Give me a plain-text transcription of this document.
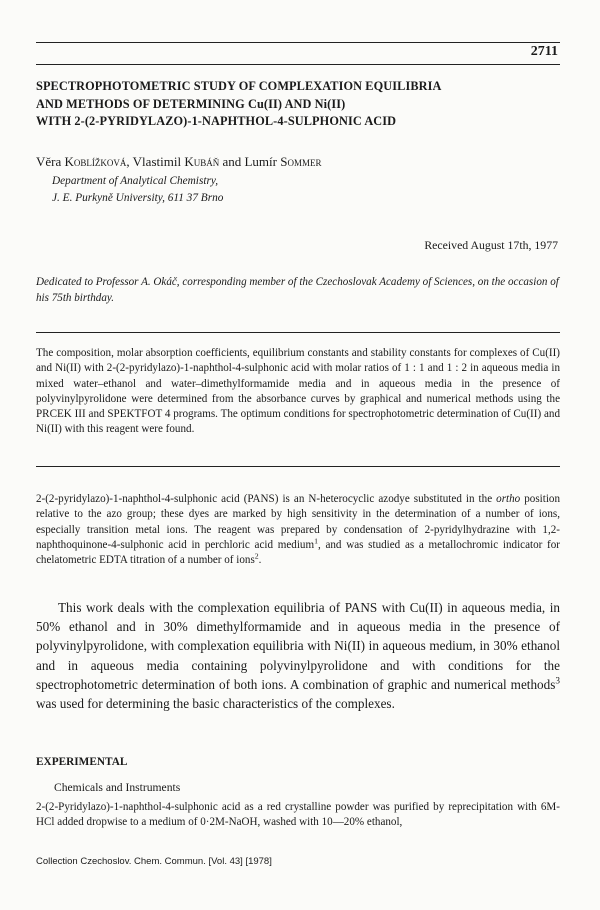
2711
SPECTROPHOTOMETRIC STUDY OF COMPLEXATION EQUILIBRIA
AND METHODS OF DETERMINING Cu(II) AND Ni(II)
WITH 2-(2-PYRIDYLAZO)-1-NAPHTHOL-4-SULPHONIC ACID
Věra Koblížková, Vlastimil Kubáň and Lumír Sommer
Department of Analytical Chemistry,
J. E. Purkyně University, 611 37 Brno
Received August 17th, 1977
Dedicated to Professor A. Okáč, corresponding member of the Czechoslovak Academy of Sciences, on the occasion of his 75th birthday.
The composition, molar absorption coefficients, equilibrium constants and stability constants for complexes of Cu(II) and Ni(II) with 2-(2-pyridylazo)-1-naphthol-4-sulphonic acid with molar ratios of 1 : 1 and 1 : 2 in aqueous media in mixed water–ethanol and water–dimethylformamide media and in aqueous media in the presence of polyvinylpyrolidone were determined from the absorbance curves by graphical and numerical methods using the PRCEK III and SPEKTFOT 4 programs. The optimum conditions for spectrophotometric determination of Cu(II) and Ni(II) with this reagent were found.
2-(2-pyridylazo)-1-naphthol-4-sulphonic acid (PANS) is an N-heterocyclic azodye substituted in the ortho position relative to the azo group; these dyes are marked by high sensitivity in the determination of a number of ions, especially transition metal ions. The reagent was prepared by condensation of 2-pyridylhydrazine with 1,2-naphthoquinone-4-sulphonic acid in perchloric acid medium$^1$, and was studied as a metallochromic indicator for chelatometric EDTA titration of a number of ions$^2$.
This work deals with the complexation equilibria of PANS with Cu(II) in aqueous media, in 50% ethanol and in 30% dimethylformamide and in aqueous media in the presence of polyvinylpyrolidone, with complexation equilibria with Ni(II) in aqueous medium, in 30% ethanol and in aqueous media containing polyvinylpyrolidone and with conditions for the spectrophotometric determination of both ions. A combination of graphic and numerical methods$^3$ was used for determining the basic characteristics of the complexes.
EXPERIMENTAL
Chemicals and Instruments
2-(2-Pyridylazo)-1-naphthol-4-sulphonic acid as a red crystalline powder was purified by reprecipitation with 6M-HCl added dropwise to a medium of 0·2M-NaOH, washed with 10—20% ethanol,
Collection Czechoslov. Chem. Commun. [Vol. 43] [1978]
